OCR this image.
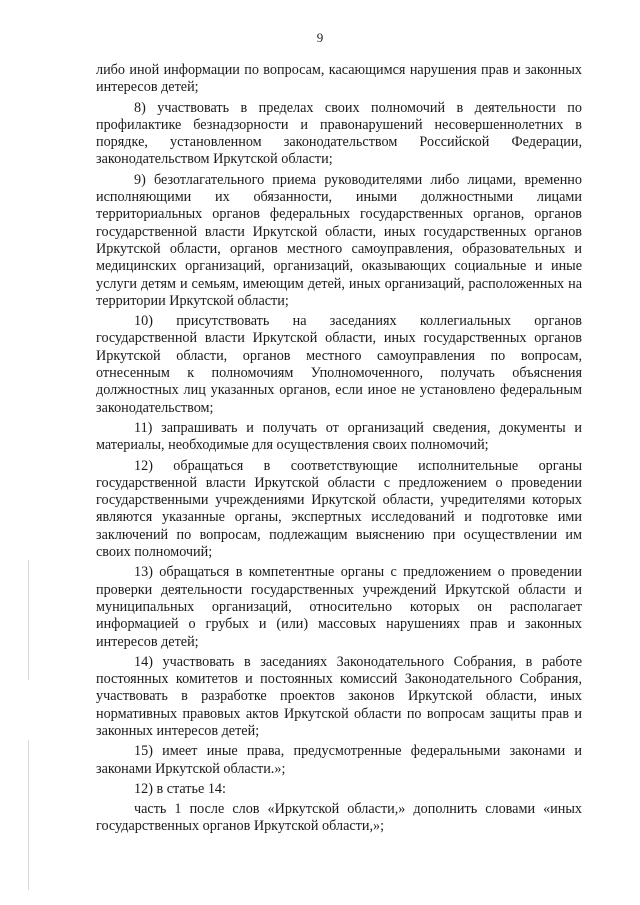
9

либо иной информации по вопросам, касающимся нарушения прав и законных интересов детей;

8) участвовать в пределах своих полномочий в деятельности по профилактике безнадзорности и правонарушений несовершеннолетних в порядке, установленном законодательством Российской Федерации, законодательством Иркутской области;

9) безотлагательного приема руководителями либо лицами, временно исполняющими их обязанности, иными должностными лицами территориальных органов федеральных государственных органов, органов государственной власти Иркутской области, иных государственных органов Иркутской области, органов местного самоуправления, образовательных и медицинских организаций, организаций, оказывающих социальные и иные услуги детям и семьям, имеющим детей, иных организаций, расположенных на территории Иркутской области;

10) присутствовать на заседаниях коллегиальных органов государственной власти Иркутской области, иных государственных органов Иркутской области, органов местного самоуправления по вопросам, отнесенным к полномочиям Уполномоченного, получать объяснения должностных лиц указанных органов, если иное не установлено федеральным законодательством;

11) запрашивать и получать от организаций сведения, документы и материалы, необходимые для осуществления своих полномочий;

12) обращаться в соответствующие исполнительные органы государственной власти Иркутской области с предложением о проведении государственными учреждениями Иркутской области, учредителями которых являются указанные органы, экспертных исследований и подготовке ими заключений по вопросам, подлежащим выяснению при осуществлении им своих полномочий;

13) обращаться в компетентные органы с предложением о проведении проверки деятельности государственных учреждений Иркутской области и муниципальных организаций, относительно которых он располагает информацией о грубых и (или) массовых нарушениях прав и законных интересов детей;

14) участвовать в заседаниях Законодательного Собрания, в работе постоянных комитетов и постоянных комиссий Законодательного Собрания, участвовать в разработке проектов законов Иркутской области, иных нормативных правовых актов Иркутской области по вопросам защиты прав и законных интересов детей;

15) имеет иные права, предусмотренные федеральными законами и законами Иркутской области.»;

12) в статье 14:

часть 1 после слов «Иркутской области,» дополнить словами «иных государственных органов Иркутской области,»;
